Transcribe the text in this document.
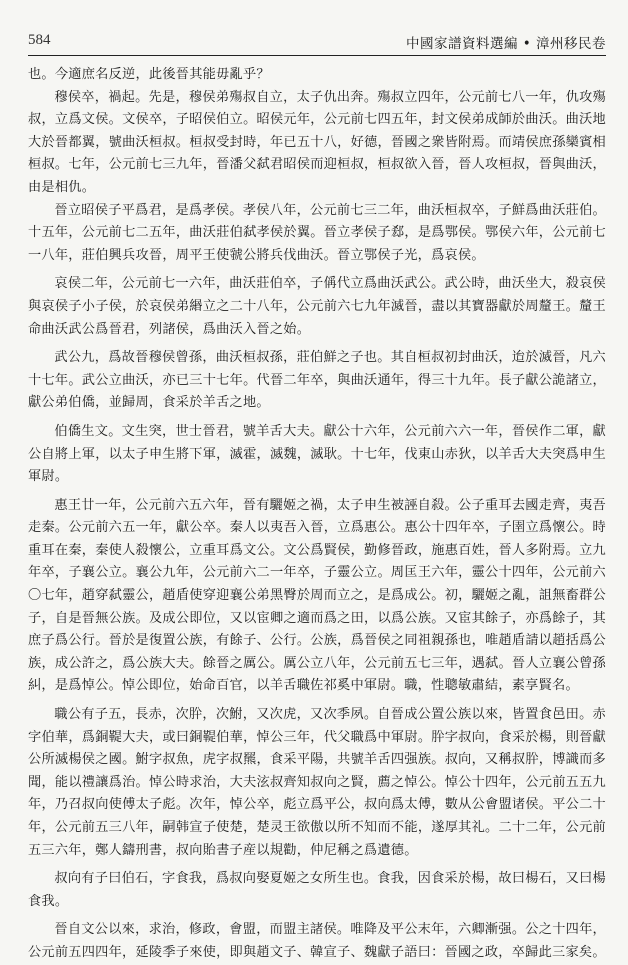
584	中國家譜資料選編 • 漳州移民卷

也。今適庶名反逆，此後晉其能毋亂乎？

穆侯卒，禍起。先是，穆侯弟殤叔自立，太子仇出奔。殤叔立四年，公元前七八一年，仇攻殤叔，立爲文侯。文侯卒，子昭侯伯立。昭侯元年，公元前七四五年，封文侯弟成師於曲沃。曲沃地大於晉都翼，號曲沃桓叔。桓叔受封時，年已五十八，好德，晉國之衆皆附焉。而靖侯庶孫欒賓相桓叔。七年，公元前七三九年，晉潘父弑君昭侯而迎桓叔，桓叔欲入晉，晉人攻桓叔，晉與曲沃，由是相仇。

晉立昭侯子平爲君，是爲孝侯。孝侯八年，公元前七三二年，曲沃桓叔卒，子鮮爲曲沃莊伯。十五年，公元前七二五年，曲沃莊伯弑孝侯於翼。晉立孝侯子郄，是爲鄂侯。鄂侯六年，公元前七一八年，莊伯興兵攻晉，周平王使虢公將兵伐曲沃。晉立鄂侯子光，爲哀侯。

哀侯二年，公元前七一六年，曲沃莊伯卒，子偁代立爲曲沃武公。武公時，曲沃坐大，殺哀侯與哀侯子小子侯，於哀侯弟緡立之二十八年，公元前六七九年滅晉，盡以其寶器獻於周釐王。釐王命曲沃武公爲晉君，列諸侯，爲曲沃入晉之始。

武公九，爲故晉穆侯曾孫，曲沃桓叔孫，莊伯鮮之子也。其自桓叔初封曲沃，迨於滅晉，凡六十七年。武公立曲沃，亦已三十七年。代晉二年卒，與曲沃通年，得三十九年。長子獻公詭諸立，獻公弟伯僑，並歸周，食采於羊舌之地。

伯僑生文。文生突，世士晉君，號羊舌大夫。獻公十六年，公元前六六一年，晉侯作二軍，獻公自將上軍，以太子申生將下軍，滅霍，滅魏，滅耿。十七年，伐東山赤狄，以羊舌大夫突爲申生軍尉。

惠王廿一年，公元前六五六年，晉有驪姬之禍，太子申生被誣自殺。公子重耳去國走齊，夷吾走秦。公元前六五一年，獻公卒。秦人以夷吾入晉，立爲惠公。惠公十四年卒，子圉立爲懷公。時重耳在秦，秦使人殺懷公，立重耳爲文公。文公爲賢侯，勤修晉政，施惠百姓，晉人多附焉。立九年卒，子襄公立。襄公九年，公元前六二一年卒，子靈公立。周匡王六年，靈公十四年，公元前六〇七年，趙穿弑靈公，趙盾使穿迎襄公弟黑臀於周而立之，是爲成公。初，驪姬之亂，詛無畜群公子，自是晉無公族。及成公即位，又以宦卿之適而爲之田，以爲公族。又宦其餘子，亦爲餘子，其庶子爲公行。晉於是復置公族，有餘子、公行。公族，爲晉侯之同祖親孫也，唯趙盾請以趙括爲公族，成公許之，爲公族大夫。餘晉之厲公。厲公立八年，公元前五七三年，遇弑。晉人立襄公曾孫糾，是爲悼公。悼公即位，始命百官，以羊舌職佐祁奚中軍尉。職，性聰敏肅結，素享賢名。

職公有子五，長赤，次肸，次鮒，又次虎，又次季夙。自晉成公置公族以來，皆置食邑田。赤字伯華，爲銅鞮大夫，或曰銅鞮伯華，悼公三年，代父職爲中軍尉。肸字叔向，食采於楊，則晉獻公所滅楊侯之國。鮒字叔魚，虎字叔羆，食采平陽，共號羊舌四强族。叔向，又稱叔肸，博識而多聞，能以禮讓爲治。悼公時求治，大夫泫叔齊知叔向之賢，薦之悼公。悼公十四年，公元前五五九年，乃召叔向使傅太子彪。次年，悼公卒，彪立爲平公，叔向爲太傅，數从公會盟诸侯。平公二十年，公元前五三八年，嗣韩宣子使楚，楚灵王欲傲以所不知而不能，遂厚其礼。二十二年，公元前五三六年，鄭人鑄刑書，叔向貽書子産以規勸，仲尼稱之爲遺德。

叔向有子曰伯石，字食我，爲叔向娶夏姬之女所生也。食我，因食采於楊，故曰楊石，又曰楊食我。

晉自文公以來，求治，修政，會盟，而盟主諸侯。唯降及平公末年，六卿漸强。公之十四年，公元前五四四年，延陵季子來使，即與趙文子、韓宣子、魏獻子語曰：晉國之政，卒歸此三家矣。
